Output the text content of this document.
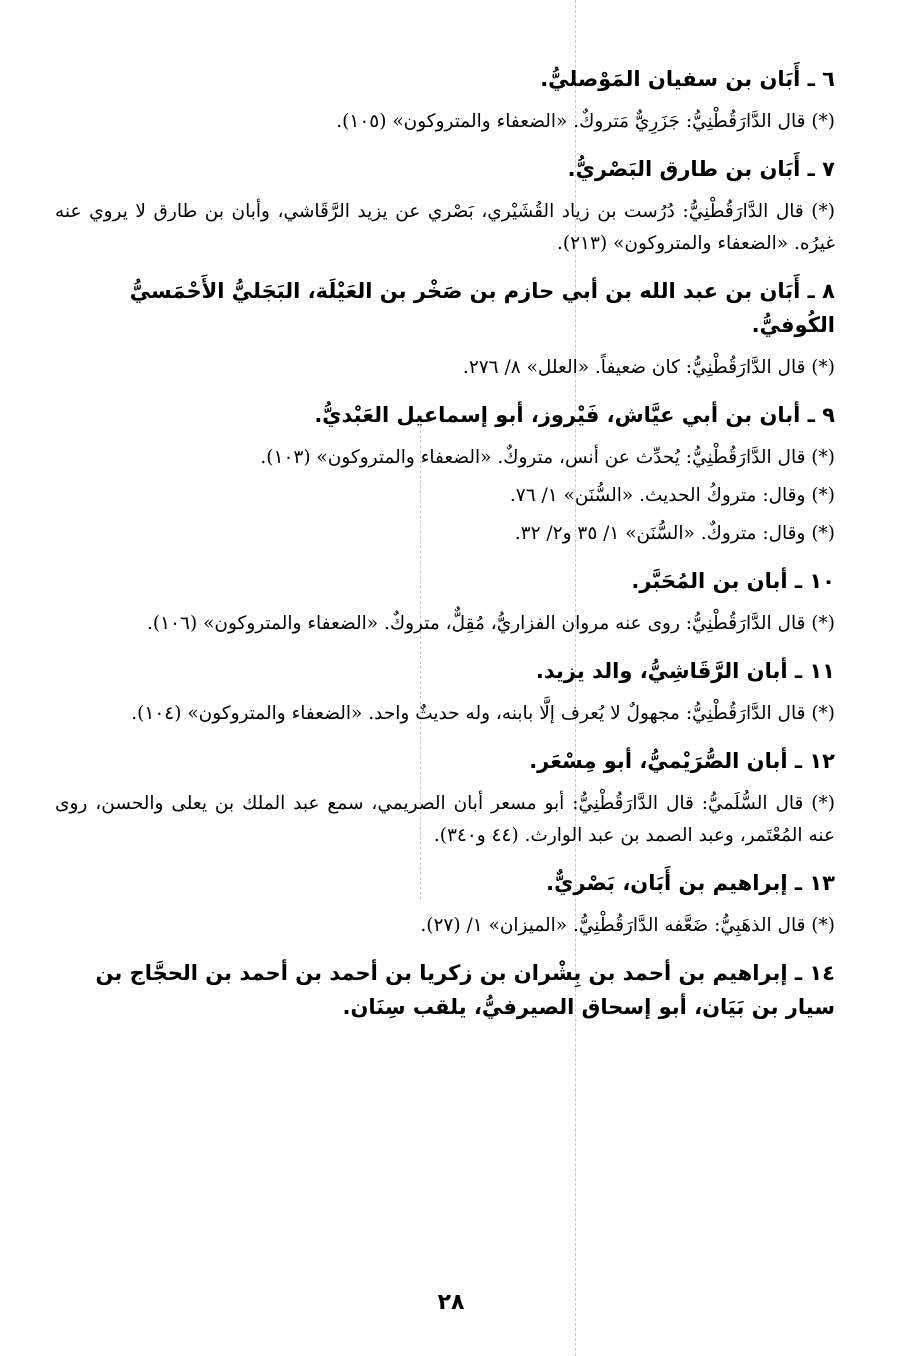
٦ ـ أَبَان بن سفيان المَوْصليُّ.
(*) قال الدَّارَقُطْنِيُّ: جَزَرِيٌّ مَتروكٌ. «الضعفاء والمتروكون» (١٠٥).
٧ ـ أَبَان بن طارق البَصْريُّ.
(*) قال الدَّارَقُطْنِيُّ: دُرُست بن زياد القُشَيْري، بَصْري عن يزيد الرَّقَاشي، وأبان بن طارق لا يروي عنه غيرُه. «الضعفاء والمتروكون» (٢١٣).
٨ ـ أَبَان بن عبد الله بن أبي حازم بن صَخْر بن العَيْلَة، البَجَليُّ الأَحْمَسيُّ الكُوفيُّ.
(*) قال الدَّارَقُطْنِيُّ: كان ضعيفاً. «العلل» ٨/ ٢٧٦.
٩ ـ أبان بن أبي عيَّاش، فَيْروز، أبو إسماعيل العَبْديُّ.
(*) قال الدَّارَقُطْنِيُّ: يُحدِّث عن أنس، متروكٌ. «الضعفاء والمتروكون» (١٠٣).
(*) وقال: متروكُ الحديث. «السُّنَن» ١/ ٧٦.
(*) وقال: متروكٌ. «السُّنَن» ١/ ٣٥ و٢/ ٣٢.
١٠ ـ أبان بن المُحَبَّر.
(*) قال الدَّارَقُطْنِيُّ: روى عنه مروان الفزاريُّ، مُقِلٌّ، متروكٌ. «الضعفاء والمتروكون» (١٠٦).
١١ ـ أبان الرَّقَاشِيُّ، والد يزيد.
(*) قال الدَّارَقُطْنِيُّ: مجهولٌ لا يُعرف إلَّا بابنه، وله حديثٌ واحد. «الضعفاء والمتروكون» (١٠٤).
١٢ ـ أبان الصُّرَيْميُّ، أبو مِسْعَر.
(*) قال السُّلَميُّ: قال الدَّارَقُطْنِيُّ: أبو مسعر أبان الصريمي، سمع عبد الملك بن يعلى والحسن، روى عنه المُعْتَمر، وعبد الصمد بن عبد الوارث. (٤٤ و٣٤٠).
١٣ ـ إبراهيم بن أَبَان، بَصْريٌّ.
(*) قال الذهَبِيُّ: ضَعَّفه الدَّارَقُطْنِيُّ. «الميزان» ١/ (٢٧).
١٤ ـ إبراهيم بن أحمد بن بِشْران بن زكريا بن أحمد بن أحمد بن الحجَّاج بن سيار بن بَيَان، أبو إسحاق الصيرفيُّ، يلقب سِنَان.
٢٨
